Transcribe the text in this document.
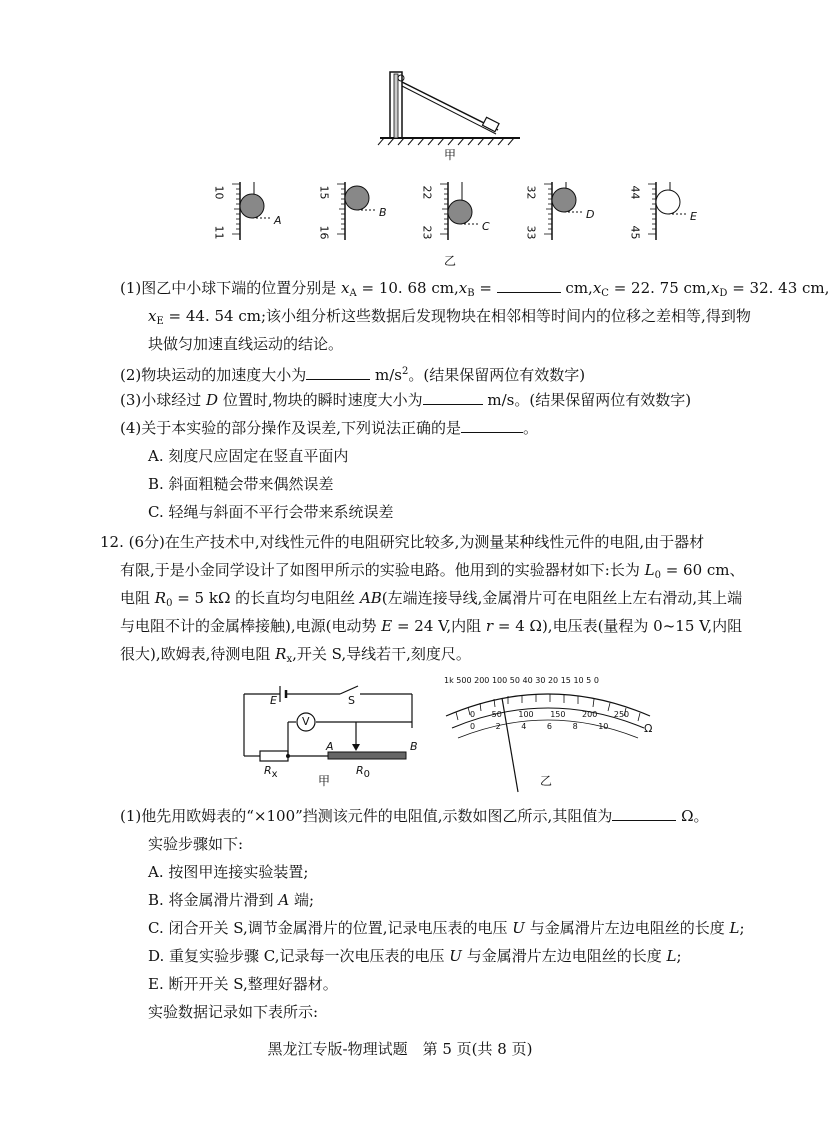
甲
10
11
A
15
16
B
22
23	C
32
33
D
44
45
E
乙
(1)图乙中小球下端的位置分别是 $x_A = 10$. 68 $cm,x_B$ =	$cm,x_C = 22$. 75 $cm,x_D = 32$. 43 cm,
$x_E = 44$. 54 cm;该小组分析这些数据后发现物块在相邻相等时间内的位移之差相等,得到物
块做匀加速直线运动的结论。
(2)物块运动的加速度大小为	$m/s^2$。(结果保留两位有效数字)
(3)小球经过 D 位置时,物块的瞬时速度大小为	m/s。(结果保留两位有效数字)
(4)关于本实验的部分操作及误差,下列说法正确的是	。
A. 刻度尺应固定在竖直平面内
B. 斜面粗糙会带来偶然误差
C. 轻绳与斜面不平行会带来系统误差
12. (6分)在生产技术中,对线性元件的电阻研究比较多,为测量某种线性元件的电阻,由于器材
有限,于是小金同学设计了如图甲所示的实验电路。他用到的实验器材如下:长为 $L_0 = 60$ cm、
电阻 $R_0 = 5$ kΩ 的长直均匀电阻丝 AB(左端连接导线,金属滑片可在电阻丝上左右滑动,其上端
与电阻不计的金属棒接触),电源(电动势 E = 24 V,内阻 r = 4 Ω),电压表(量程为 0~15 V,内阻
很大),欧姆表,待测电阻 $R_x$,开关 S,导线若干,刻度尺。
E	S
V
A	B
$R_x$	$R_0$
甲
1k 500 200 100 50 40 30 20 15 10 5 0
0 50 100 150 200 250
0	2	4	6	8	10	Ω
乙
(1)他先用欧姆表的“×100”挡测该元件的电阻值,示数如图乙所示,其阻值为	Ω。
实验步骤如下:
A. 按图甲连接实验装置;
B. 将金属滑片滑到 A 端;
C. 闭合开关 S,调节金属滑片的位置,记录电压表的电压 U 与金属滑片左边电阻丝的长度 L;
D. 重复实验步骤 C,记录每一次电压表的电压 U 与金属滑片左边电阻丝的长度 L;
E. 断开开关 S,整理好器材。
实验数据记录如下表所示:
黑龙江专版-物理试题　第 5 页(共 8 页)
